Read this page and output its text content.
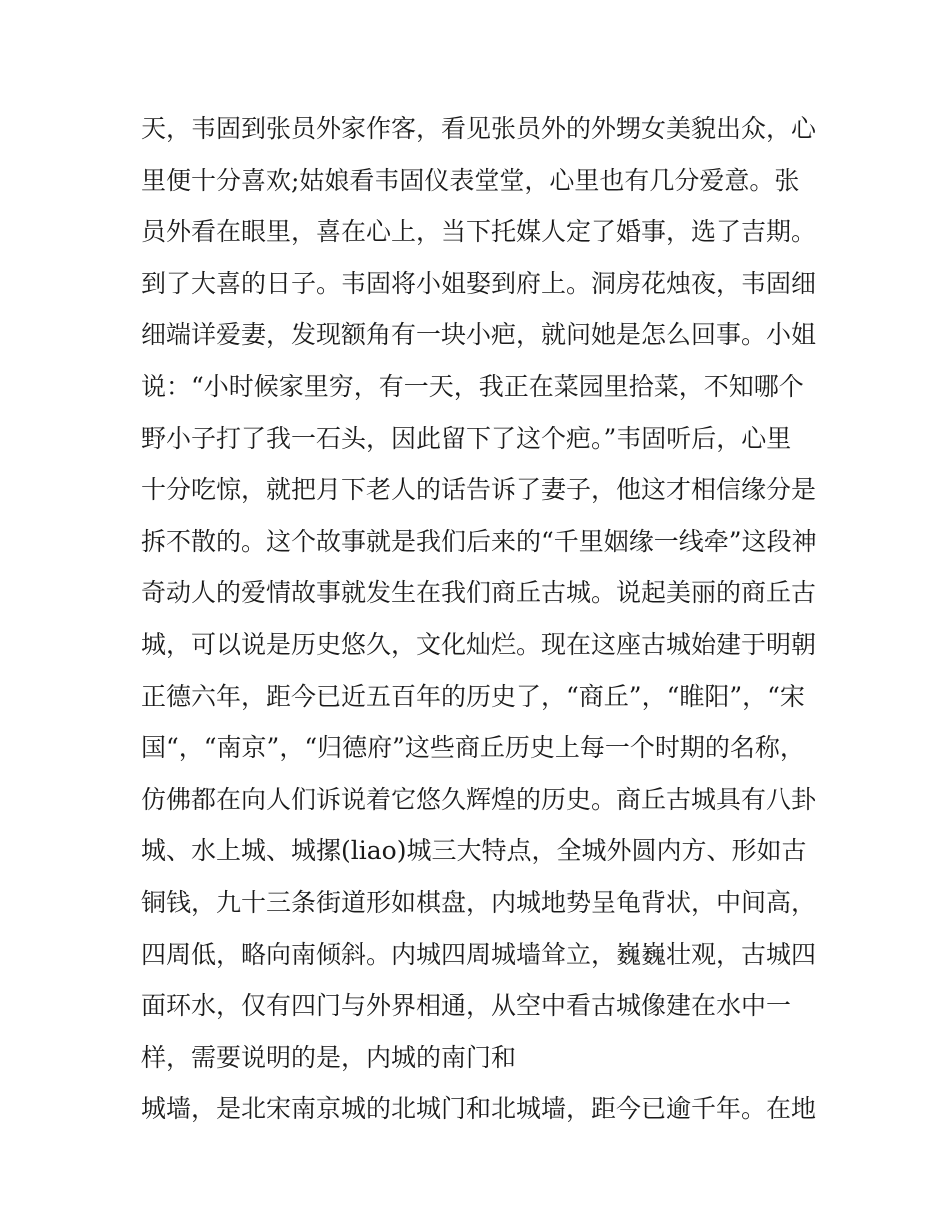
天，韦固到张员外家作客，看见张员外的外甥女美貌出众，心
里便十分喜欢;姑娘看韦固仪表堂堂，心里也有几分爱意。张
员外看在眼里，喜在心上，当下托媒人定了婚事，选了吉期。
到了大喜的日子。韦固将小姐娶到府上。洞房花烛夜，韦固细
细端详爱妻，发现额角有一块小疤，就问她是怎么回事。小姐
说：“小时候家里穷，有一天，我正在菜园里拾菜，不知哪个
野小子打了我一石头，因此留下了这个疤。”韦固听后，心里
十分吃惊，就把月下老人的话告诉了妻子，他这才相信缘分是
拆不散的。这个故事就是我们后来的“千里姻缘一线牵”这段神
奇动人的爱情故事就发生在我们商丘古城。说起美丽的商丘古
城，可以说是历史悠久，文化灿烂。现在这座古城始建于明朝
正德六年，距今已近五百年的历史了，“商丘”，“睢阳”，“宋
国“，“南京”，“归德府”这些商丘历史上每一个时期的名称，
仿佛都在向人们诉说着它悠久辉煌的历史。商丘古城具有八卦
城、水上城、城摞(liao)城三大特点，全城外圆内方、形如古
铜钱，九十三条街道形如棋盘，内城地势呈龟背状，中间高，
四周低，略向南倾斜。内城四周城墙耸立，巍巍壮观，古城四
面环水，仅有四门与外界相通，从空中看古城像建在水中一
样，需要说明的是，内城的南门和
城墙，是北宋南京城的北城门和北城墙，距今已逾千年。在地
